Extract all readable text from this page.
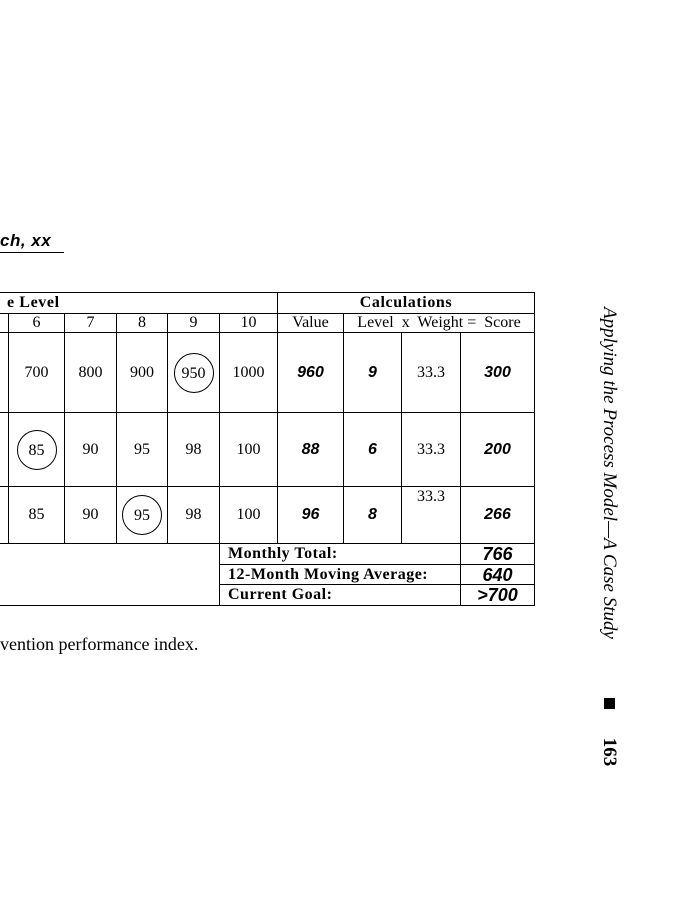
ch, xx
e Level						Calculations			
	6	7	8	9	10	Value	Level  x  Weight =  Score		
	700	800	900	950	1000	960	9	33.3	300
	85	90	95	98	100	88	6	33.3	200
	85	90	95	98	100	96	8	33.3	266
					Monthly Total:				766
					12-Month Moving Average:				640
					Current Goal:				>700
vention performance index.
Applying the Process Model—A Case Study
163
